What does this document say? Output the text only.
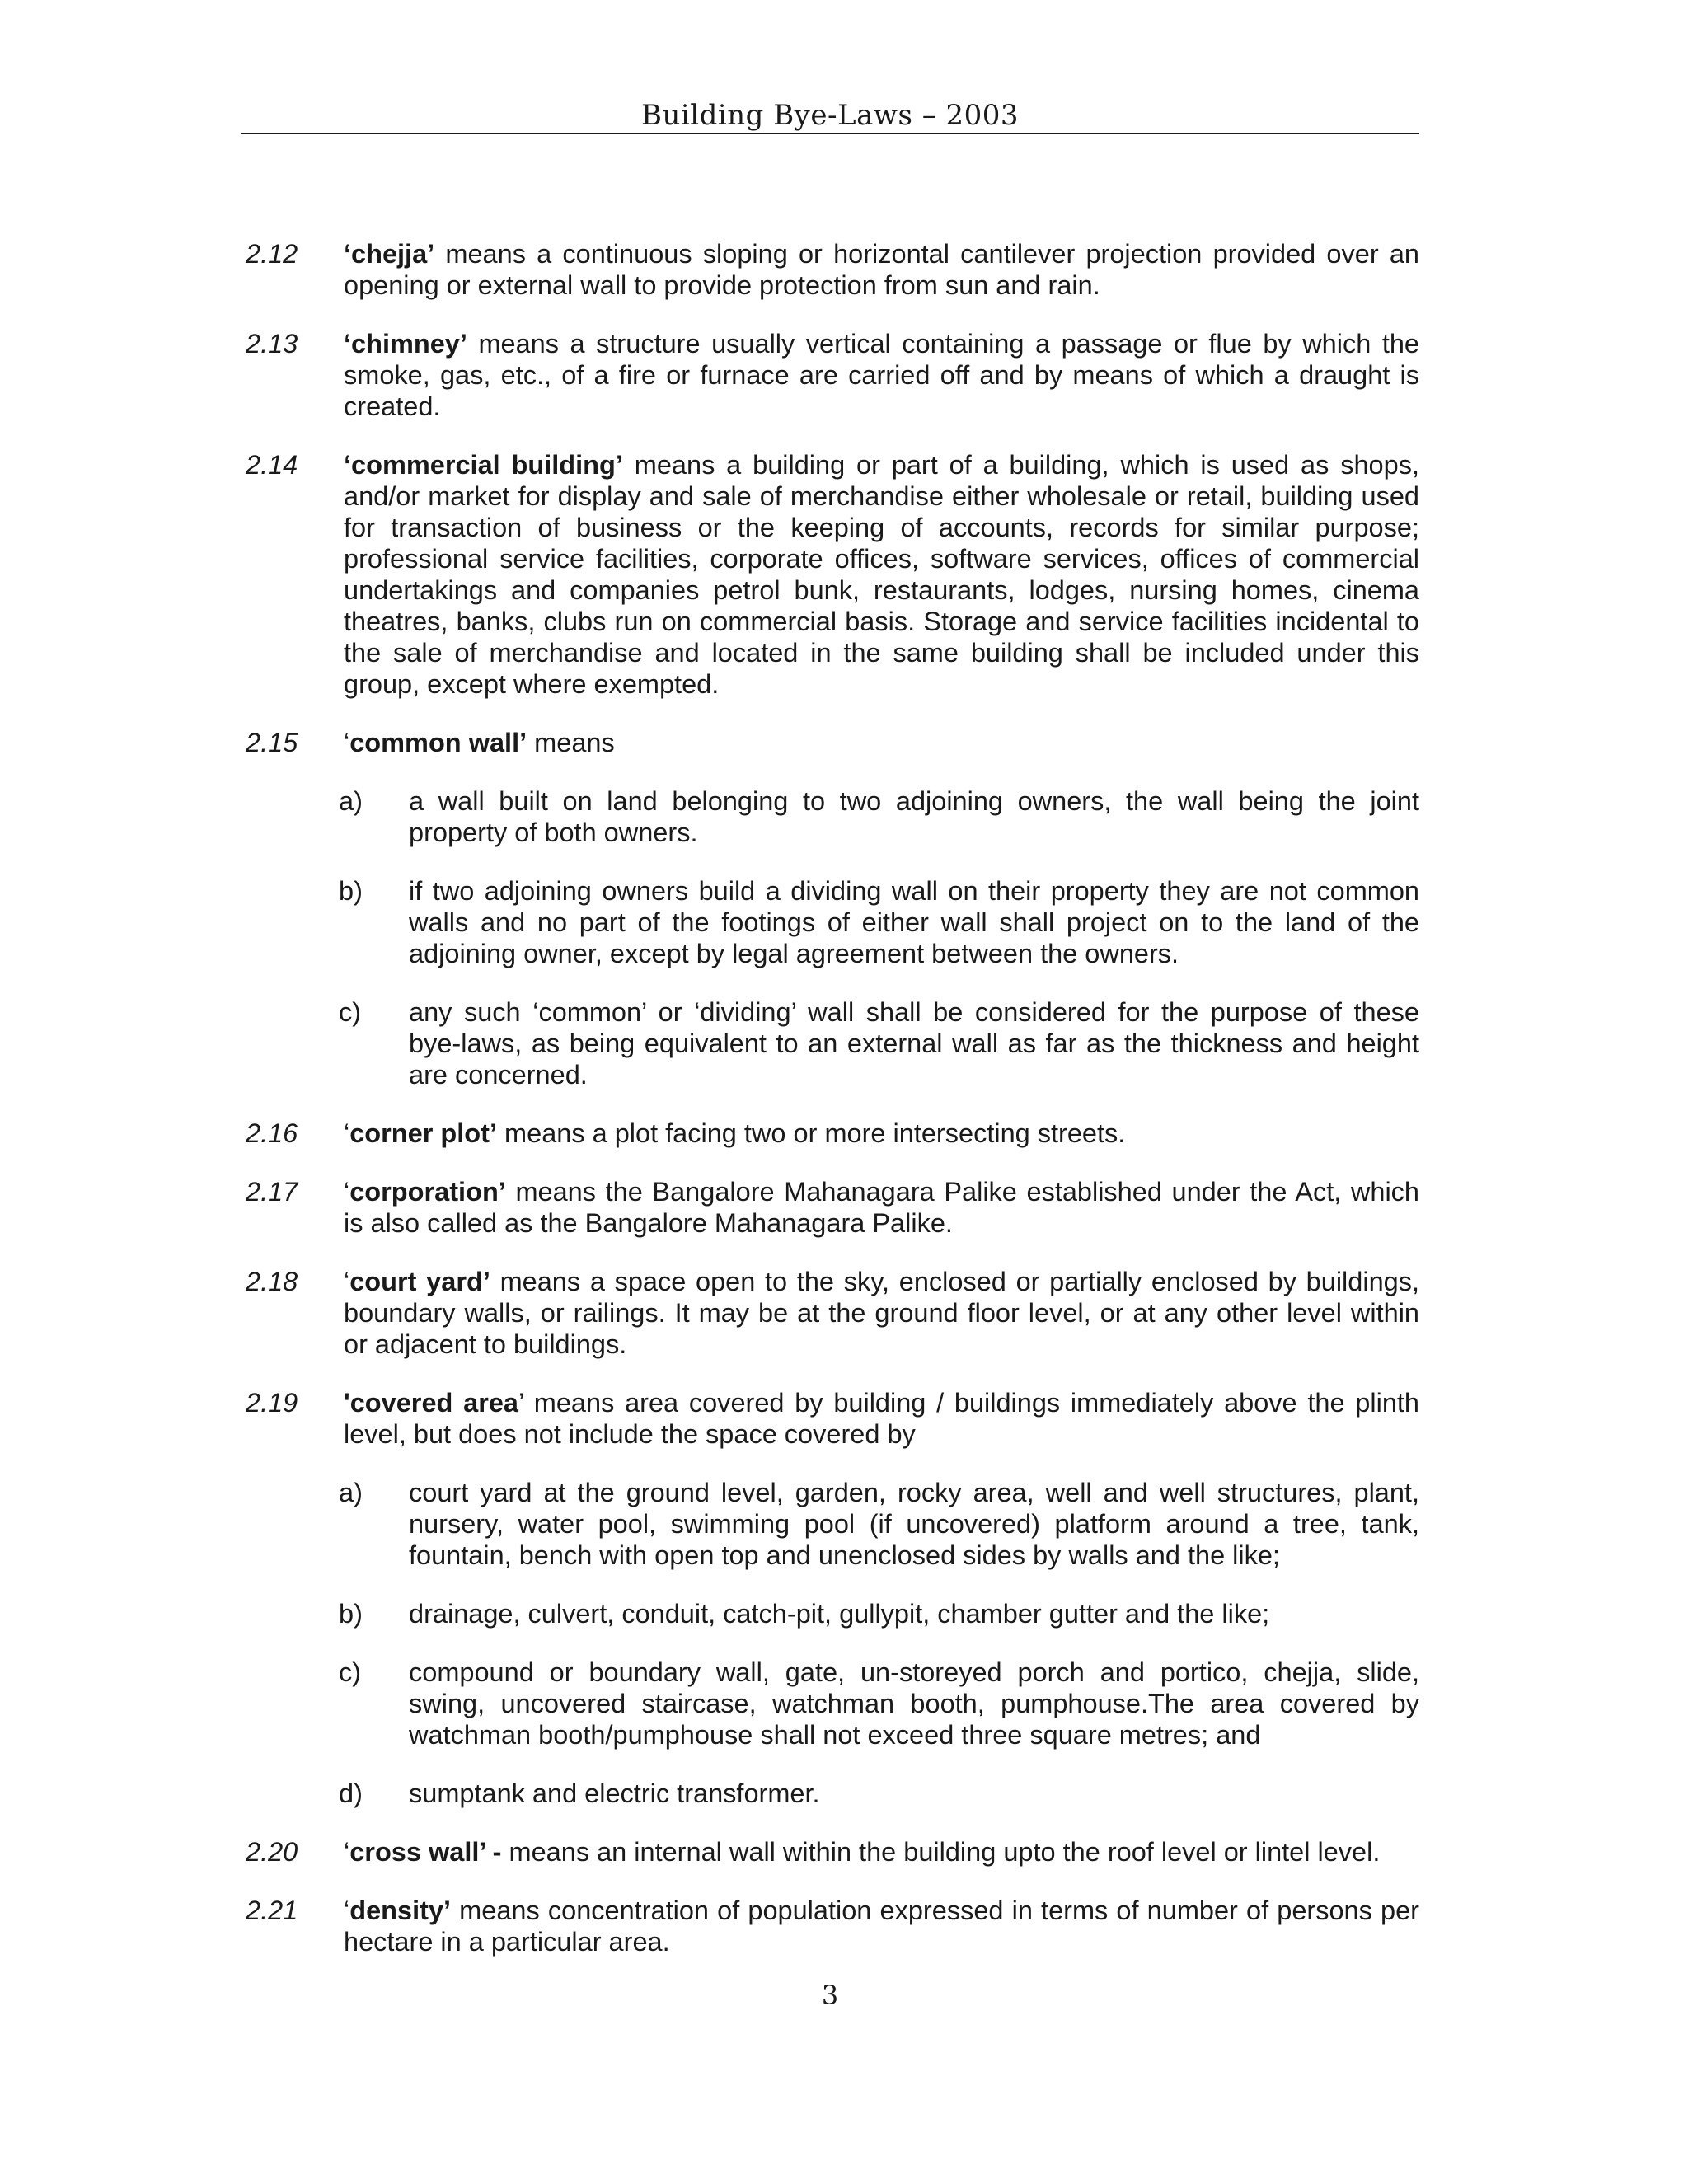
Building Bye-Laws – 2003
2.12	‘chejja’ means a continuous sloping or horizontal cantilever projection provided over an opening or external wall to provide protection from sun and rain.
2.13	‘chimney’ means a structure usually vertical containing a passage or flue by which the smoke, gas, etc., of a fire or furnace are carried off and by means of which a draught is created.
2.14	‘commercial building’ means a building or part of a building, which is used as shops, and/or market for display and sale of merchandise either wholesale or retail, building used for transaction of business or the keeping of accounts, records for similar purpose; professional service facilities, corporate offices, software services, offices of commercial undertakings and companies petrol bunk, restaurants, lodges, nursing homes, cinema theatres, banks, clubs run on commercial basis. Storage and service facilities incidental to the sale of merchandise and located in the same building shall be included under this group, except where exempted.
2.15	‘common wall’ means
a)	a wall built on land belonging to two adjoining owners, the wall being the joint property of both owners.
b)	if two adjoining owners build a dividing wall on their property they are not common walls and no part of the footings of either wall shall project on to the land of the adjoining owner, except by legal agreement between the owners.
c)	any such ‘common’ or ‘dividing’ wall shall be considered for the purpose of these bye-laws, as being equivalent to an external wall as far as the thickness and height are concerned.
2.16	‘corner plot’ means a plot facing two or more intersecting streets.
2.17	‘corporation’ means the Bangalore Mahanagara Palike established under the Act, which is also called as the Bangalore Mahanagara Palike.
2.18	‘court yard’ means a space open to the sky, enclosed or partially enclosed by buildings, boundary walls, or railings. It may be at the ground floor level, or at any other level within or adjacent to buildings.
2.19	'covered area’ means area covered by building / buildings immediately above the plinth level, but does not include the space covered by
a)	court yard at the ground level, garden, rocky area, well and well structures, plant, nursery, water pool, swimming pool (if uncovered) platform around a tree, tank, fountain, bench with open top and unenclosed sides by walls and the like;
b)	drainage, culvert, conduit, catch-pit, gullypit, chamber gutter and the like;
c)	compound or boundary wall, gate, un-storeyed porch and portico, chejja, slide, swing, uncovered staircase, watchman booth, pumphouse.The area covered by watchman booth/pumphouse shall not exceed three square metres; and
d)	sumptank and electric transformer.
2.20	‘cross wall’ - means an internal wall within the building upto the roof level or lintel level.
2.21	‘density’ means concentration of population expressed in terms of number of persons per hectare in a particular area.
3
